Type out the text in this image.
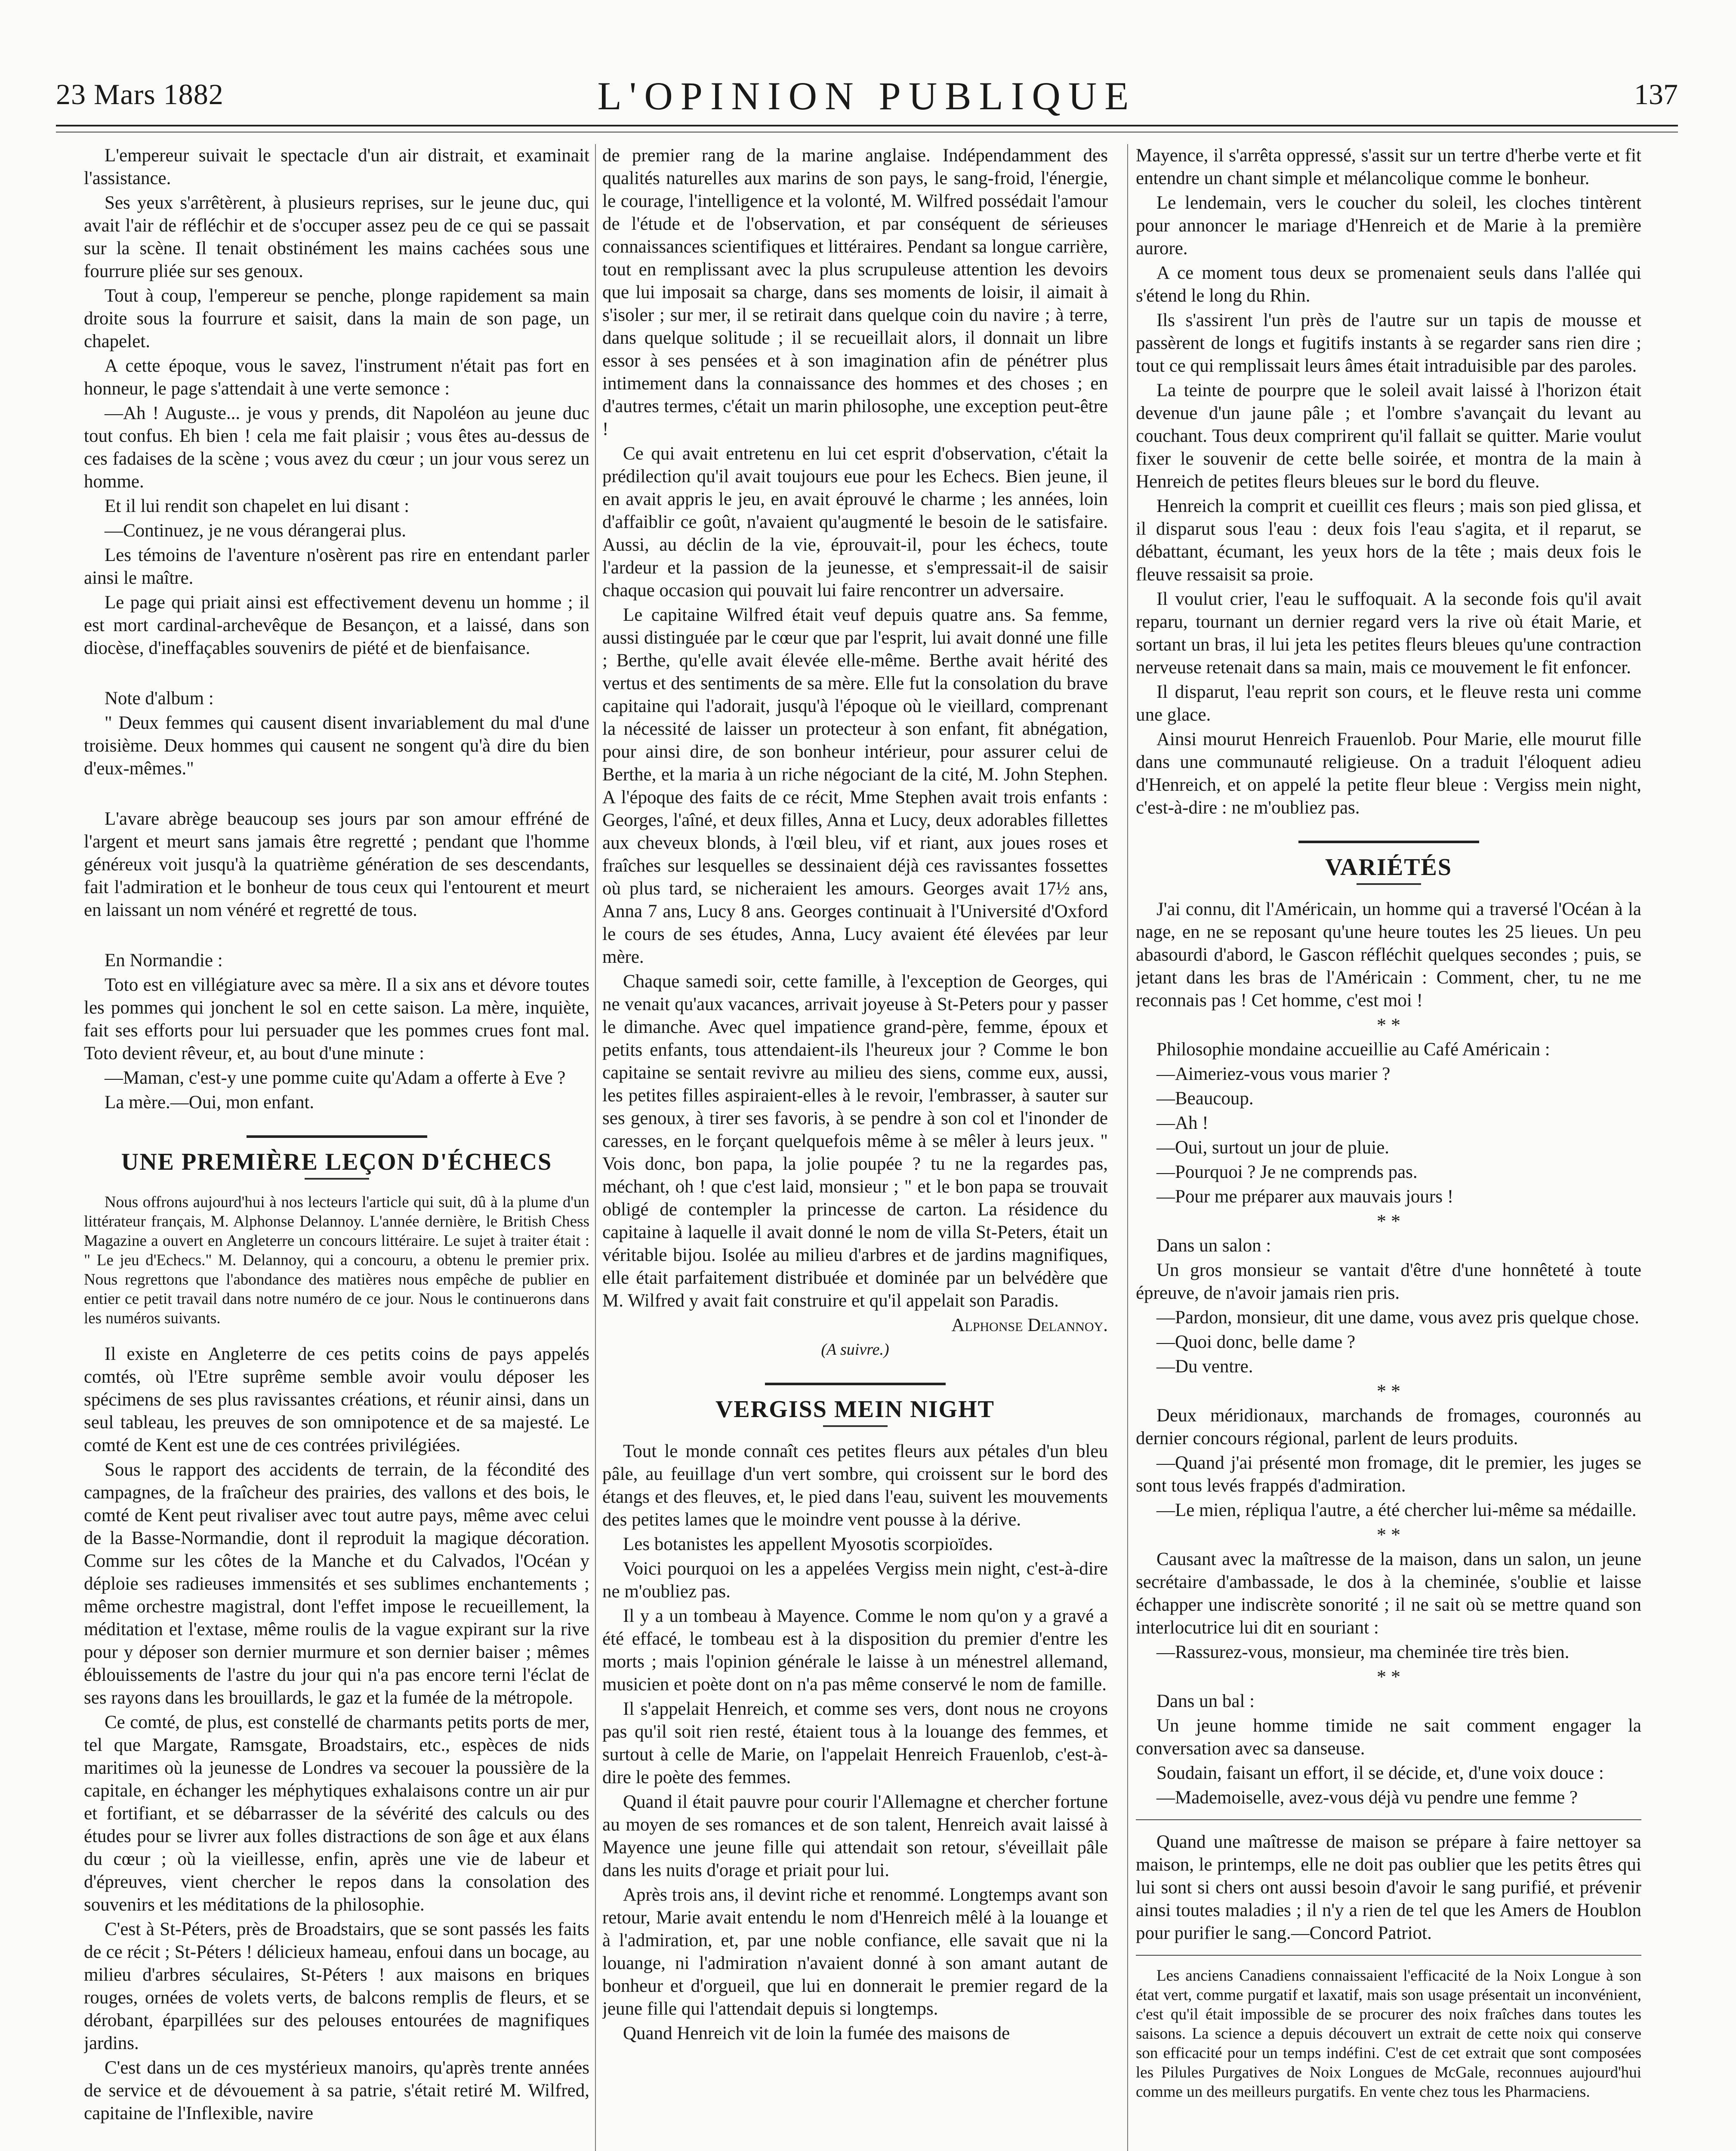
23 Mars 1882	L'OPINION PUBLIQUE	137

L'empereur suivait le spectacle d'un air distrait, et examinait l'assistance.

Ses yeux s'arrêtèrent, à plusieurs reprises, sur le jeune duc, qui avait l'air de réfléchir et de s'occuper assez peu de ce qui se passait sur la scène. Il tenait obstinément les mains cachées sous une fourrure pliée sur ses genoux.

Tout à coup, l'empereur se penche, plonge rapidement sa main droite sous la fourrure et saisit, dans la main de son page, un chapelet.

A cette époque, vous le savez, l'instrument n'était pas fort en honneur, le page s'attendait à une verte semonce :

—Ah ! Auguste... je vous y prends, dit Napoléon au jeune duc tout confus. Eh bien ! cela me fait plaisir ; vous êtes au-dessus de ces fadaises de la scène ; vous avez du cœur ; un jour vous serez un homme.

Et il lui rendit son chapelet en lui disant :

—Continuez, je ne vous dérangerai plus.

Les témoins de l'aventure n'osèrent pas rire en entendant parler ainsi le maître.

Le page qui priait ainsi est effectivement devenu un homme ; il est mort cardinal-archevêque de Besançon, et a laissé, dans son diocèse, d'ineffaçables souvenirs de piété et de bienfaisance.

Note d'album :

" Deux femmes qui causent disent invariablement du mal d'une troisième. Deux hommes qui causent ne songent qu'à dire du bien d'eux-mêmes."

L'avare abrège beaucoup ses jours par son amour effréné de l'argent et meurt sans jamais être regretté ; pendant que l'homme généreux voit jusqu'à la quatrième génération de ses descendants, fait l'admiration et le bonheur de tous ceux qui l'entourent et meurt en laissant un nom vénéré et regretté de tous.

En Normandie :

Toto est en villégiature avec sa mère. Il a six ans et dévore toutes les pommes qui jonchent le sol en cette saison. La mère, inquiète, fait ses efforts pour lui persuader que les pommes crues font mal. Toto devient rêveur, et, au bout d'une minute :

—Maman, c'est-y une pomme cuite qu'Adam a offerte à Eve ?

La mère.—Oui, mon enfant.

UNE PREMIÈRE LEÇON D'ÉCHECS

Nous offrons aujourd'hui à nos lecteurs l'article qui suit, dû à la plume d'un littérateur français, M. Alphonse Delannoy. L'année dernière, le British Chess Magazine a ouvert en Angleterre un concours littéraire. Le sujet à traiter était : " Le jeu d'Echecs." M. Delannoy, qui a concouru, a obtenu le premier prix. Nous regrettons que l'abondance des matières nous empêche de publier en entier ce petit travail dans notre numéro de ce jour. Nous le continuerons dans les numéros suivants.

Il existe en Angleterre de ces petits coins de pays appelés comtés, où l'Etre suprême semble avoir voulu déposer les spécimens de ses plus ravissantes créations, et réunir ainsi, dans un seul tableau, les preuves de son omnipotence et de sa majesté. Le comté de Kent est une de ces contrées privilégiées.

Sous le rapport des accidents de terrain, de la fécondité des campagnes, de la fraîcheur des prairies, des vallons et des bois, le comté de Kent peut rivaliser avec tout autre pays, même avec celui de la Basse-Normandie, dont il reproduit la magique décoration. Comme sur les côtes de la Manche et du Calvados, l'Océan y déploie ses radieuses immensités et ses sublimes enchantements ; même orchestre magistral, dont l'effet impose le recueillement, la méditation et l'extase, même roulis de la vague expirant sur la rive pour y déposer son dernier murmure et son dernier baiser ; mêmes éblouissements de l'astre du jour qui n'a pas encore terni l'éclat de ses rayons dans les brouillards, le gaz et la fumée de la métropole.

Ce comté, de plus, est constellé de charmants petits ports de mer, tel que Margate, Ramsgate, Broadstairs, etc., espèces de nids maritimes où la jeunesse de Londres va secouer la poussière de la capitale, en échanger les méphytiques exhalaisons contre un air pur et fortifiant, et se débarrasser de la sévérité des calculs ou des études pour se livrer aux folles distractions de son âge et aux élans du cœur ; où la vieillesse, enfin, après une vie de labeur et d'épreuves, vient chercher le repos dans la consolation des souvenirs et les méditations de la philosophie.

C'est à St-Péters, près de Broadstairs, que se sont passés les faits de ce récit ; St-Péters ! délicieux hameau, enfoui dans un bocage, au milieu d'arbres séculaires, St-Péters ! aux maisons en briques rouges, ornées de volets verts, de balcons remplis de fleurs, et se dérobant, éparpillées sur des pelouses entourées de magnifiques jardins.

C'est dans un de ces mystérieux manoirs, qu'après trente années de service et de dévouement à sa patrie, s'était retiré M. Wilfred, capitaine de l'Inflexible, navire

de premier rang de la marine anglaise. Indépendamment des qualités naturelles aux marins de son pays, le sang-froid, l'énergie, le courage, l'intelligence et la volonté, M. Wilfred possédait l'amour de l'étude et de l'observation, et par conséquent de sérieuses connaissances scientifiques et littéraires. Pendant sa longue carrière, tout en remplissant avec la plus scrupuleuse attention les devoirs que lui imposait sa charge, dans ses moments de loisir, il aimait à s'isoler ; sur mer, il se retirait dans quelque coin du navire ; à terre, dans quelque solitude ; il se recueillait alors, il donnait un libre essor à ses pensées et à son imagination afin de pénétrer plus intimement dans la connaissance des hommes et des choses ; en d'autres termes, c'était un marin philosophe, une exception peut-être !

Ce qui avait entretenu en lui cet esprit d'observation, c'était la prédilection qu'il avait toujours eue pour les Echecs. Bien jeune, il en avait appris le jeu, en avait éprouvé le charme ; les années, loin d'affaiblir ce goût, n'avaient qu'augmenté le besoin de le satisfaire. Aussi, au déclin de la vie, éprouvait-il, pour les échecs, toute l'ardeur et la passion de la jeunesse, et s'empressait-il de saisir chaque occasion qui pouvait lui faire rencontrer un adversaire.

Le capitaine Wilfred était veuf depuis quatre ans. Sa femme, aussi distinguée par le cœur que par l'esprit, lui avait donné une fille ; Berthe, qu'elle avait élevée elle-même. Berthe avait hérité des vertus et des sentiments de sa mère. Elle fut la consolation du brave capitaine qui l'adorait, jusqu'à l'époque où le vieillard, comprenant la nécessité de laisser un protecteur à son enfant, fit abnégation, pour ainsi dire, de son bonheur intérieur, pour assurer celui de Berthe, et la maria à un riche négociant de la cité, M. John Stephen. A l'époque des faits de ce récit, Mme Stephen avait trois enfants : Georges, l'aîné, et deux filles, Anna et Lucy, deux adorables fillettes aux cheveux blonds, à l'œil bleu, vif et riant, aux joues roses et fraîches sur lesquelles se dessinaient déjà ces ravissantes fossettes où plus tard, se nicheraient les amours. Georges avait 17½ ans, Anna 7 ans, Lucy 8 ans. Georges continuait à l'Université d'Oxford le cours de ses études, Anna, Lucy avaient été élevées par leur mère.

Chaque samedi soir, cette famille, à l'exception de Georges, qui ne venait qu'aux vacances, arrivait joyeuse à St-Peters pour y passer le dimanche. Avec quel impatience grand-père, femme, époux et petits enfants, tous attendaient-ils l'heureux jour ? Comme le bon capitaine se sentait revivre au milieu des siens, comme eux, aussi, les petites filles aspiraient-elles à le revoir, l'embrasser, à sauter sur ses genoux, à tirer ses favoris, à se pendre à son col et l'inonder de caresses, en le forçant quelquefois même à se mêler à leurs jeux. " Vois donc, bon papa, la jolie poupée ? tu ne la regardes pas, méchant, oh ! que c'est laid, monsieur ; " et le bon papa se trouvait obligé de contempler la princesse de carton. La résidence du capitaine à laquelle il avait donné le nom de villa St-Peters, était un véritable bijou. Isolée au milieu d'arbres et de jardins magnifiques, elle était parfaitement distribuée et dominée par un belvédère que M. Wilfred y avait fait construire et qu'il appelait son Paradis.

Alphonse Delannoy.

(A suivre.)

VERGISS MEIN NIGHT

Tout le monde connaît ces petites fleurs aux pétales d'un bleu pâle, au feuillage d'un vert sombre, qui croissent sur le bord des étangs et des fleuves, et, le pied dans l'eau, suivent les mouvements des petites lames que le moindre vent pousse à la dérive.

Les botanistes les appellent Myosotis scorpioïdes.

Voici pourquoi on les a appelées Vergiss mein night, c'est-à-dire ne m'oubliez pas.

Il y a un tombeau à Mayence. Comme le nom qu'on y a gravé a été effacé, le tombeau est à la disposition du premier d'entre les morts ; mais l'opinion générale le laisse à un ménestrel allemand, musicien et poète dont on n'a pas même conservé le nom de famille.

Il s'appelait Henreich, et comme ses vers, dont nous ne croyons pas qu'il soit rien resté, étaient tous à la louange des femmes, et surtout à celle de Marie, on l'appelait Henreich Frauenlob, c'est-à-dire le poète des femmes.

Quand il était pauvre pour courir l'Allemagne et chercher fortune au moyen de ses romances et de son talent, Henreich avait laissé à Mayence une jeune fille qui attendait son retour, s'éveillait pâle dans les nuits d'orage et priait pour lui.

Après trois ans, il devint riche et renommé. Longtemps avant son retour, Marie avait entendu le nom d'Henreich mêlé à la louange et à l'admiration, et, par une noble confiance, elle savait que ni la louange, ni l'admiration n'avaient donné à son amant autant de bonheur et d'orgueil, que lui en donnerait le premier regard de la jeune fille qui l'attendait depuis si longtemps.

Quand Henreich vit de loin la fumée des maisons de

Mayence, il s'arrêta oppressé, s'assit sur un tertre d'herbe verte et fit entendre un chant simple et mélancolique comme le bonheur.

Le lendemain, vers le coucher du soleil, les cloches tintèrent pour annoncer le mariage d'Henreich et de Marie à la première aurore.

A ce moment tous deux se promenaient seuls dans l'allée qui s'étend le long du Rhin.

Ils s'assirent l'un près de l'autre sur un tapis de mousse et passèrent de longs et fugitifs instants à se regarder sans rien dire ; tout ce qui remplissait leurs âmes était intraduisible par des paroles.

La teinte de pourpre que le soleil avait laissé à l'horizon était devenue d'un jaune pâle ; et l'ombre s'avançait du levant au couchant. Tous deux comprirent qu'il fallait se quitter. Marie voulut fixer le souvenir de cette belle soirée, et montra de la main à Henreich de petites fleurs bleues sur le bord du fleuve.

Henreich la comprit et cueillit ces fleurs ; mais son pied glissa, et il disparut sous l'eau : deux fois l'eau s'agita, et il reparut, se débattant, écumant, les yeux hors de la tête ; mais deux fois le fleuve ressaisit sa proie.

Il voulut crier, l'eau le suffoquait. A la seconde fois qu'il avait reparu, tournant un dernier regard vers la rive où était Marie, et sortant un bras, il lui jeta les petites fleurs bleues qu'une contraction nerveuse retenait dans sa main, mais ce mouvement le fit enfoncer.

Il disparut, l'eau reprit son cours, et le fleuve resta uni comme une glace.

Ainsi mourut Henreich Frauenlob. Pour Marie, elle mourut fille dans une communauté religieuse. On a traduit l'éloquent adieu d'Henreich, et on appelé la petite fleur bleue : Vergiss mein night, c'est-à-dire : ne m'oubliez pas.

VARIÉTÉS

J'ai connu, dit l'Américain, un homme qui a traversé l'Océan à la nage, en ne se reposant qu'une heure toutes les 25 lieues. Un peu abasourdi d'abord, le Gascon réfléchit quelques secondes ; puis, se jetant dans les bras de l'Américain : Comment, cher, tu ne me reconnais pas ! Cet homme, c'est moi !

* *

Philosophie mondaine accueillie au Café Américain :

—Aimeriez-vous vous marier ?

—Beaucoup.

—Ah !

—Oui, surtout un jour de pluie.

—Pourquoi ? Je ne comprends pas.

—Pour me préparer aux mauvais jours !

* *

Dans un salon :

Un gros monsieur se vantait d'être d'une honnêteté à toute épreuve, de n'avoir jamais rien pris.

—Pardon, monsieur, dit une dame, vous avez pris quelque chose.

—Quoi donc, belle dame ?

—Du ventre.

* *

Deux méridionaux, marchands de fromages, couronnés au dernier concours régional, parlent de leurs produits.

—Quand j'ai présenté mon fromage, dit le premier, les juges se sont tous levés frappés d'admiration.

—Le mien, répliqua l'autre, a été chercher lui-même sa médaille.

* *

Causant avec la maîtresse de la maison, dans un salon, un jeune secrétaire d'ambassade, le dos à la cheminée, s'oublie et laisse échapper une indiscrète sonorité ; il ne sait où se mettre quand son interlocutrice lui dit en souriant :

—Rassurez-vous, monsieur, ma cheminée tire très bien.

* *

Dans un bal :

Un jeune homme timide ne sait comment engager la conversation avec sa danseuse.

Soudain, faisant un effort, il se décide, et, d'une voix douce :

—Mademoiselle, avez-vous déjà vu pendre une femme ?

Quand une maîtresse de maison se prépare à faire nettoyer sa maison, le printemps, elle ne doit pas oublier que les petits êtres qui lui sont si chers ont aussi besoin d'avoir le sang purifié, et prévenir ainsi toutes maladies ; il n'y a rien de tel que les Amers de Houblon pour purifier le sang.—Concord Patriot.

Les anciens Canadiens connaissaient l'efficacité de la Noix Longue à son état vert, comme purgatif et laxatif, mais son usage présentait un inconvénient, c'est qu'il était impossible de se procurer des noix fraîches dans toutes les saisons. La science a depuis découvert un extrait de cette noix qui conserve son efficacité pour un temps indéfini. C'est de cet extrait que sont composées les Pilules Purgatives de Noix Longues de McGale, reconnues aujourd'hui comme un des meilleurs purgatifs. En vente chez tous les Pharmaciens.
